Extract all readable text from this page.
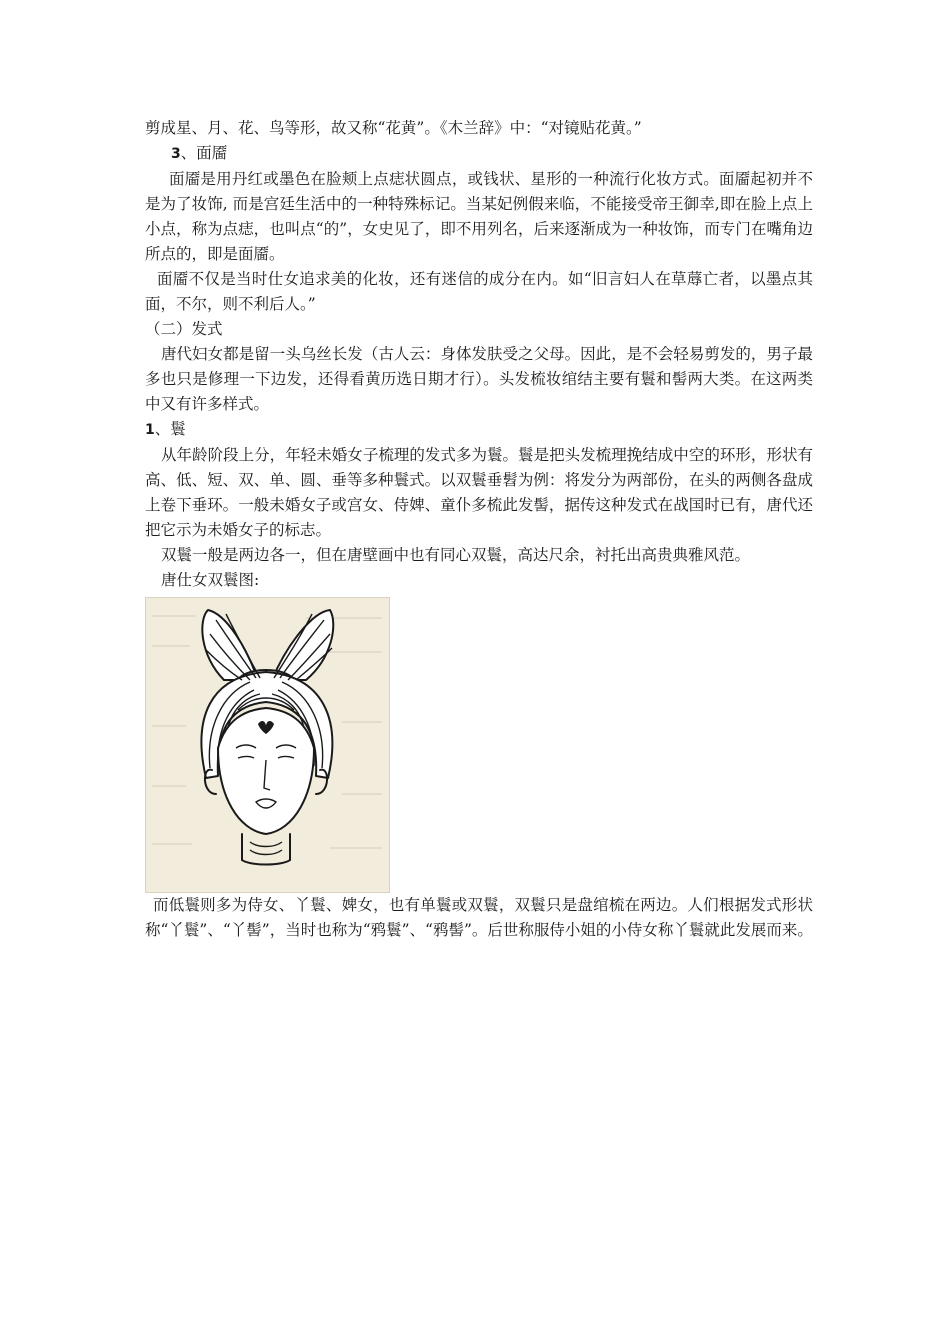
剪成星、月、花、鸟等形，故又称“花黄”。《木兰辞》中：“对镜贴花黄。”

3、面靥

面靥是用丹红或墨色在脸颊上点痣状圆点，或钱状、星形的一种流行化妆方式。面靥起初并不是为了妆饰, 而是宫廷生活中的一种特殊标记。当某妃例假来临，不能接受帝王御幸,即在脸上点上小点，称为点痣，也叫点“的”，女史见了，即不用列名，后来逐渐成为一种妆饰，而专门在嘴角边所点的，即是面靥。

面靥不仅是当时仕女追求美的化妆，还有迷信的成分在内。如“旧言妇人在草蓐亡者，以墨点其面，不尔，则不利后人。”

（二）发式

唐代妇女都是留一头乌丝长发（古人云：身体发肤受之父母。因此，是不会轻易剪发的，男子最多也只是修理一下边发，还得看黄历选日期才行）。头发梳妆绾结主要有鬟和髻两大类。在这两类中又有许多样式。

1、鬟

从年龄阶段上分，年轻未婚女子梳理的发式多为鬟。鬟是把头发梳理挽结成中空的环形，形状有高、低、短、双、单、圆、垂等多种鬟式。以双鬟垂髫为例：将发分为两部份，在头的两侧各盘成上卷下垂环。一般未婚女子或宫女、侍婢、童仆多梳此发髻，据传这种发式在战国时已有，唐代还把它示为未婚女子的标志。

双鬟一般是两边各一，但在唐壁画中也有同心双鬟，高达尺余，衬托出高贵典雅风范。

唐仕女双鬟图:

而低鬟则多为侍女、丫鬟、婢女，也有单鬟或双鬟，双鬟只是盘绾梳在两边。人们根据发式形状称“丫鬟”、“丫髻”，当时也称为“鸦鬟”、“鸦髻”。后世称服侍小姐的小侍女称丫鬟就此发展而来。
